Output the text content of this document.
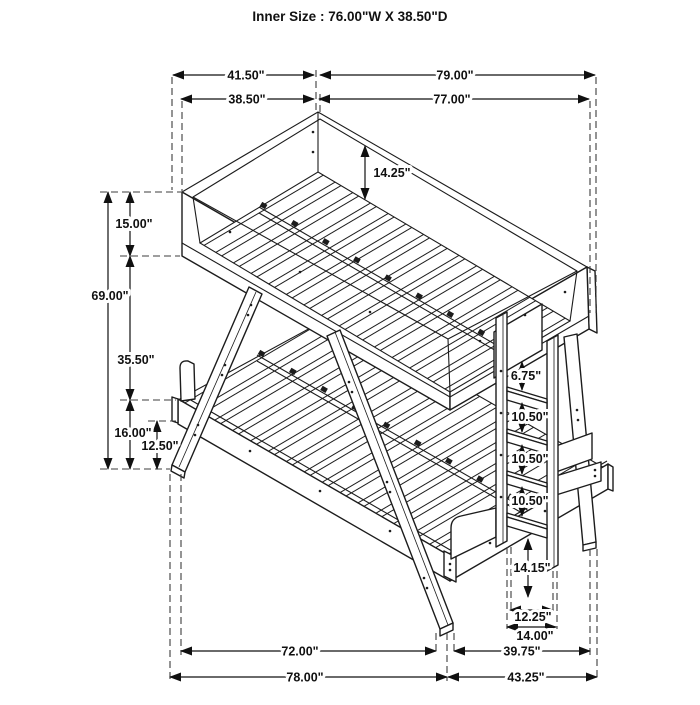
Inner Size : 76.00"W X 38.50"D
41.50"	79.00"
38.50"	77.00"
14.25"
69.00"
15.00"
35.50"
16.00"
12.50"
6.75"
10.50"
10.50"
10.50"
14.15"
12.25"
14.00"
72.00"	39.75"
78.00"	43.25"
